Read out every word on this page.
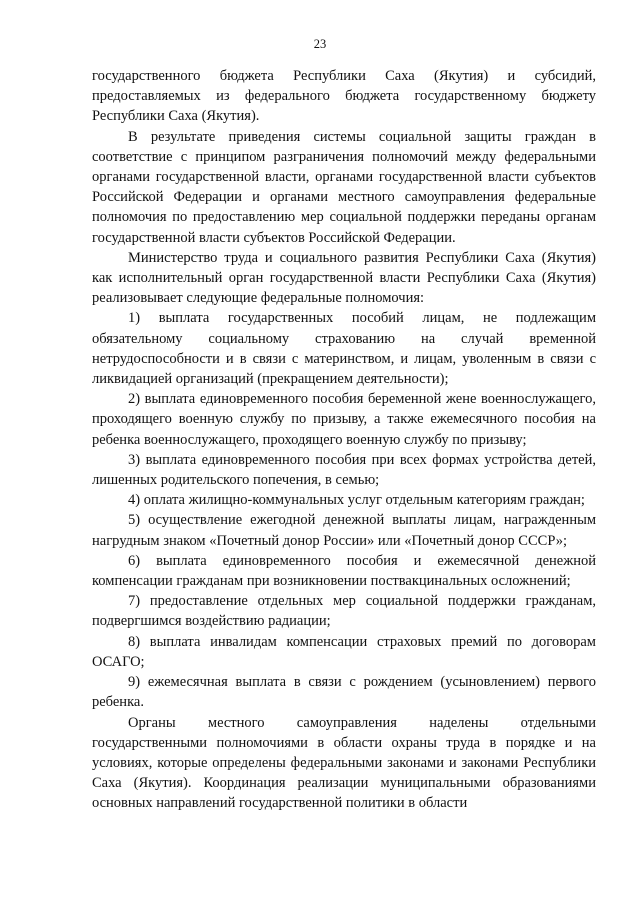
23

государственного бюджета Республики Саха (Якутия) и субсидий, предоставляемых из федерального бюджета государственному бюджету Республики Саха (Якутия).

В результате приведения системы социальной защиты граждан в соответствие с принципом разграничения полномочий между федеральными органами государственной власти, органами государственной власти субъектов Российской Федерации и органами местного самоуправления федеральные полномочия по предоставлению мер социальной поддержки переданы органам государственной власти субъектов Российской Федерации.

Министерство труда и социального развития Республики Саха (Якутия) как исполнительный орган государственной власти Республики Саха (Якутия) реализовывает следующие федеральные полномочия:

1) выплата государственных пособий лицам, не подлежащим обязательному социальному страхованию на случай временной нетрудоспособности и в связи с материнством, и лицам, уволенным в связи с ликвидацией организаций (прекращением деятельности);

2) выплата единовременного пособия беременной жене военнослужащего, проходящего военную службу по призыву, а также ежемесячного пособия на ребенка военнослужащего, проходящего военную службу по призыву;

3) выплата единовременного пособия при всех формах устройства детей, лишенных родительского попечения, в семью;

4) оплата жилищно-коммунальных услуг отдельным категориям граждан;

5) осуществление ежегодной денежной выплаты лицам, награжденным нагрудным знаком «Почетный донор России» или «Почетный донор СССР»;

6) выплата единовременного пособия и ежемесячной денежной компенсации гражданам при возникновении поствакцинальных осложнений;

7) предоставление отдельных мер социальной поддержки гражданам, подвергшимся воздействию радиации;

8) выплата инвалидам компенсации страховых премий по договорам ОСАГО;

9) ежемесячная выплата в связи с рождением (усыновлением) первого ребенка.

Органы местного самоуправления наделены отдельными государственными полномочиями в области охраны труда в порядке и на условиях, которые определены федеральными законами и законами Республики Саха (Якутия). Координация реализации муниципальными образованиями основных направлений государственной политики в области
